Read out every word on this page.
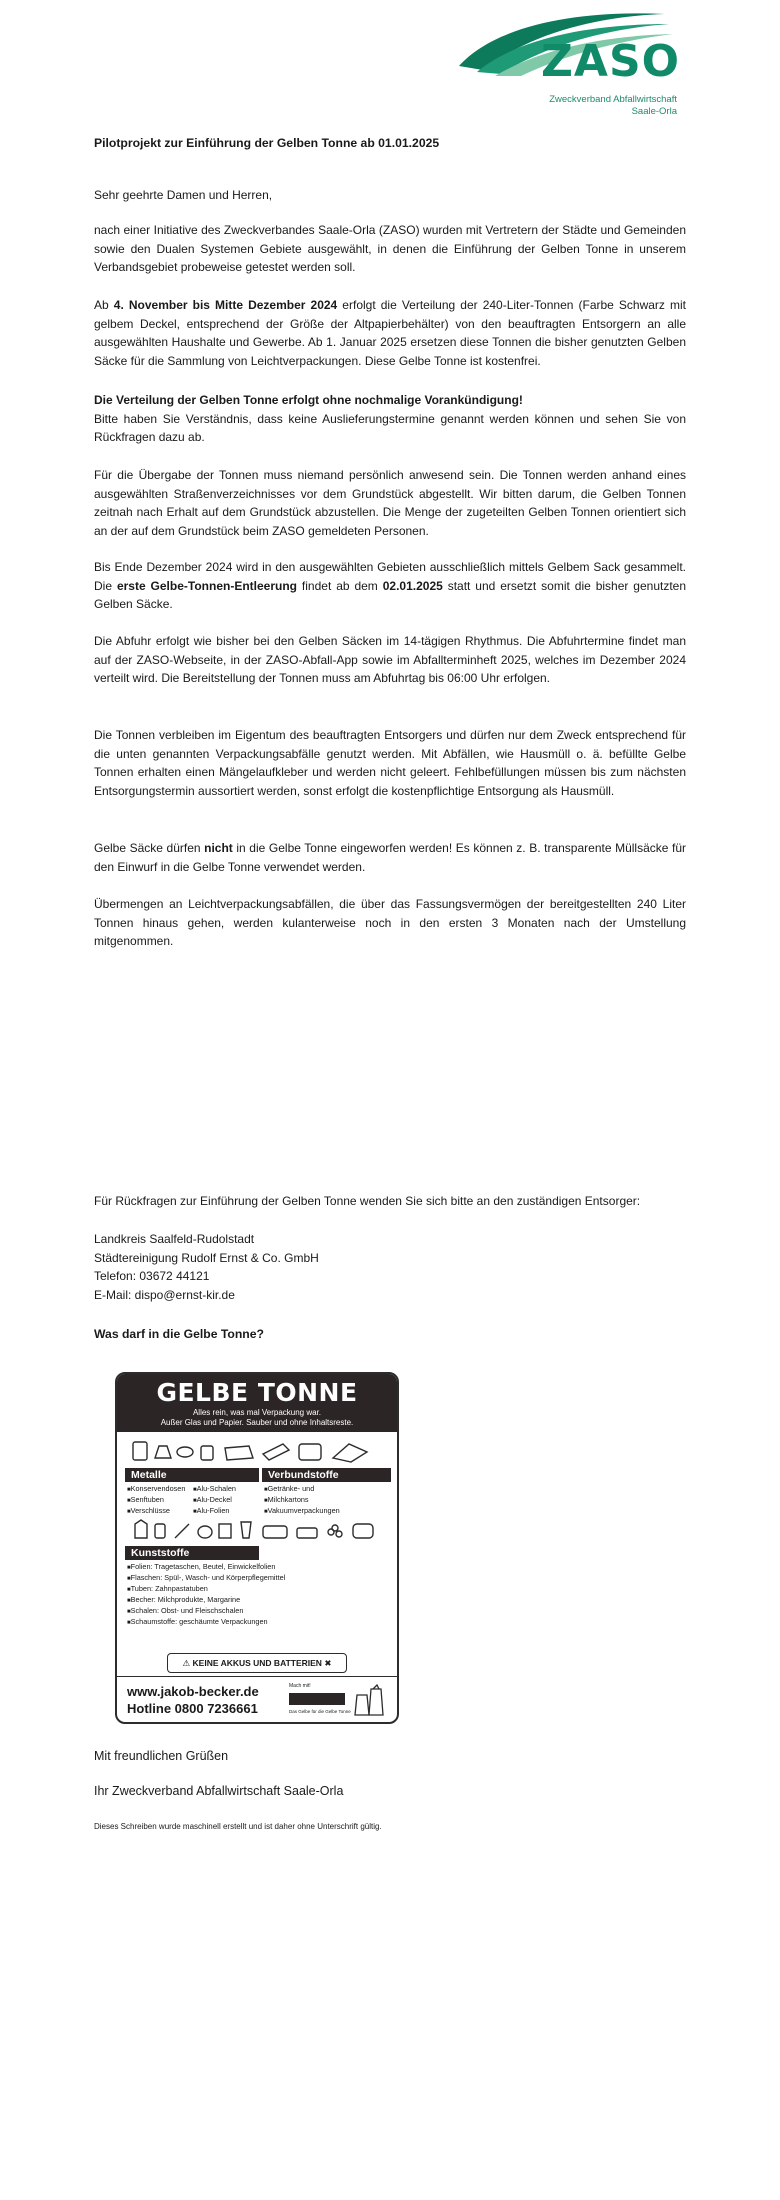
ZASO
Zweckverband Abfallwirtschaft
Saale-Orla
Pilotprojekt zur Einführung der Gelben Tonne ab 01.01.2025
Sehr geehrte Damen und Herren,
nach einer Initiative des Zweckverbandes Saale-Orla (ZASO) wurden mit Vertretern der Städte und Gemeinden sowie den Dualen Systemen Gebiete ausgewählt, in denen die Einführung der Gelben Tonne in unserem Verbandsgebiet probeweise getestet werden soll.
Ab 4. November bis Mitte Dezember 2024 erfolgt die Verteilung der 240-Liter-Tonnen (Farbe Schwarz mit gelbem Deckel, entsprechend der Größe der Altpapierbehälter) von den beauftragten Entsorgern an alle ausgewählten Haushalte und Gewerbe. Ab 1. Januar 2025 ersetzen diese Tonnen die bisher genutzten Gelben Säcke für die Sammlung von Leichtverpackungen. Diese Gelbe Tonne ist kostenfrei.
Die Verteilung der Gelben Tonne erfolgt ohne nochmalige Vorankündigung!
Bitte haben Sie Verständnis, dass keine Auslieferungstermine genannt werden können und sehen Sie von Rückfragen dazu ab.
Für die Übergabe der Tonnen muss niemand persönlich anwesend sein. Die Tonnen werden anhand eines ausgewählten Straßenverzeichnisses vor dem Grundstück abgestellt. Wir bitten darum, die Gelben Tonnen zeitnah nach Erhalt auf dem Grundstück abzustellen. Die Menge der zugeteilten Gelben Tonnen orientiert sich an der auf dem Grundstück beim ZASO gemeldeten Personen.
Bis Ende Dezember 2024 wird in den ausgewählten Gebieten ausschließlich mittels Gelbem Sack gesammelt. Die erste Gelbe-Tonnen-Entleerung findet ab dem 02.01.2025 statt und ersetzt somit die bisher genutzten Gelben Säcke.
Die Abfuhr erfolgt wie bisher bei den Gelben Säcken im 14-tägigen Rhythmus. Die Abfuhrtermine findet man auf der ZASO-Webseite, in der ZASO-Abfall-App sowie im Abfallterminheft 2025, welches im Dezember 2024 verteilt wird. Die Bereitstellung der Tonnen muss am Abfuhrtag bis 06:00 Uhr erfolgen.
Die Tonnen verbleiben im Eigentum des beauftragten Entsorgers und dürfen nur dem Zweck entsprechend für die unten genannten Verpackungsabfälle genutzt werden. Mit Abfällen, wie Hausmüll o. ä. befüllte Gelbe Tonnen erhalten einen Mängelaufkleber und werden nicht geleert. Fehlbefüllungen müssen bis zum nächsten Entsorgungstermin aussortiert werden, sonst erfolgt die kostenpflichtige Entsorgung als Hausmüll.
Gelbe Säcke dürfen nicht in die Gelbe Tonne eingeworfen werden! Es können z. B. transparente Müllsäcke für den Einwurf in die Gelbe Tonne verwendet werden.
Übermengen an Leichtverpackungsabfällen, die über das Fassungsvermögen der bereitgestellten 240 Liter Tonnen hinaus gehen, werden kulanterweise noch in den ersten 3 Monaten nach der Umstellung mitgenommen.
Für Rückfragen zur Einführung der Gelben Tonne wenden Sie sich bitte an den zuständigen Entsorger:
Landkreis Saalfeld-Rudolstadt
Städtereinigung Rudolf Ernst & Co. GmbH
Telefon: 03672 44121
E-Mail: dispo@ernst-kir.de
Was darf in die Gelbe Tonne?
GELBE TONNE
Alles rein, was mal Verpackung war.
Außer Glas und Papier. Sauber und ohne Inhaltsreste.
Metalle	Verbundstoffe
■ Konservendosen
■ Senftuben
■ Verschlüsse
■ Alu-Schalen
■ Alu-Deckel
■ Alu-Folien
■ Getränke- und
■ Milchkartons
■ Vakuumverpackungen
Kunststoffe
■ Folien: Tragetaschen, Beutel, Einwickelfolien
■ Flaschen: Spül-, Wasch- und Körperpflegemittel
■ Tuben: Zahnpastatuben
■ Becher: Milchprodukte, Margarine
■ Schalen: Obst- und Fleischschalen
■ Schaumstoffe: geschäumte Verpackungen
⚠ KEINE AKKUS UND BATTERIEN ✖
www.jakob-becker.de
Hotline 0800 7236661
Mach mit!
Das Gelbe für die Gelbe Tonne
Mit freundlichen Grüßen
Ihr Zweckverband Abfallwirtschaft Saale-Orla
Dieses Schreiben wurde maschinell erstellt und ist daher ohne Unterschrift gültig.
